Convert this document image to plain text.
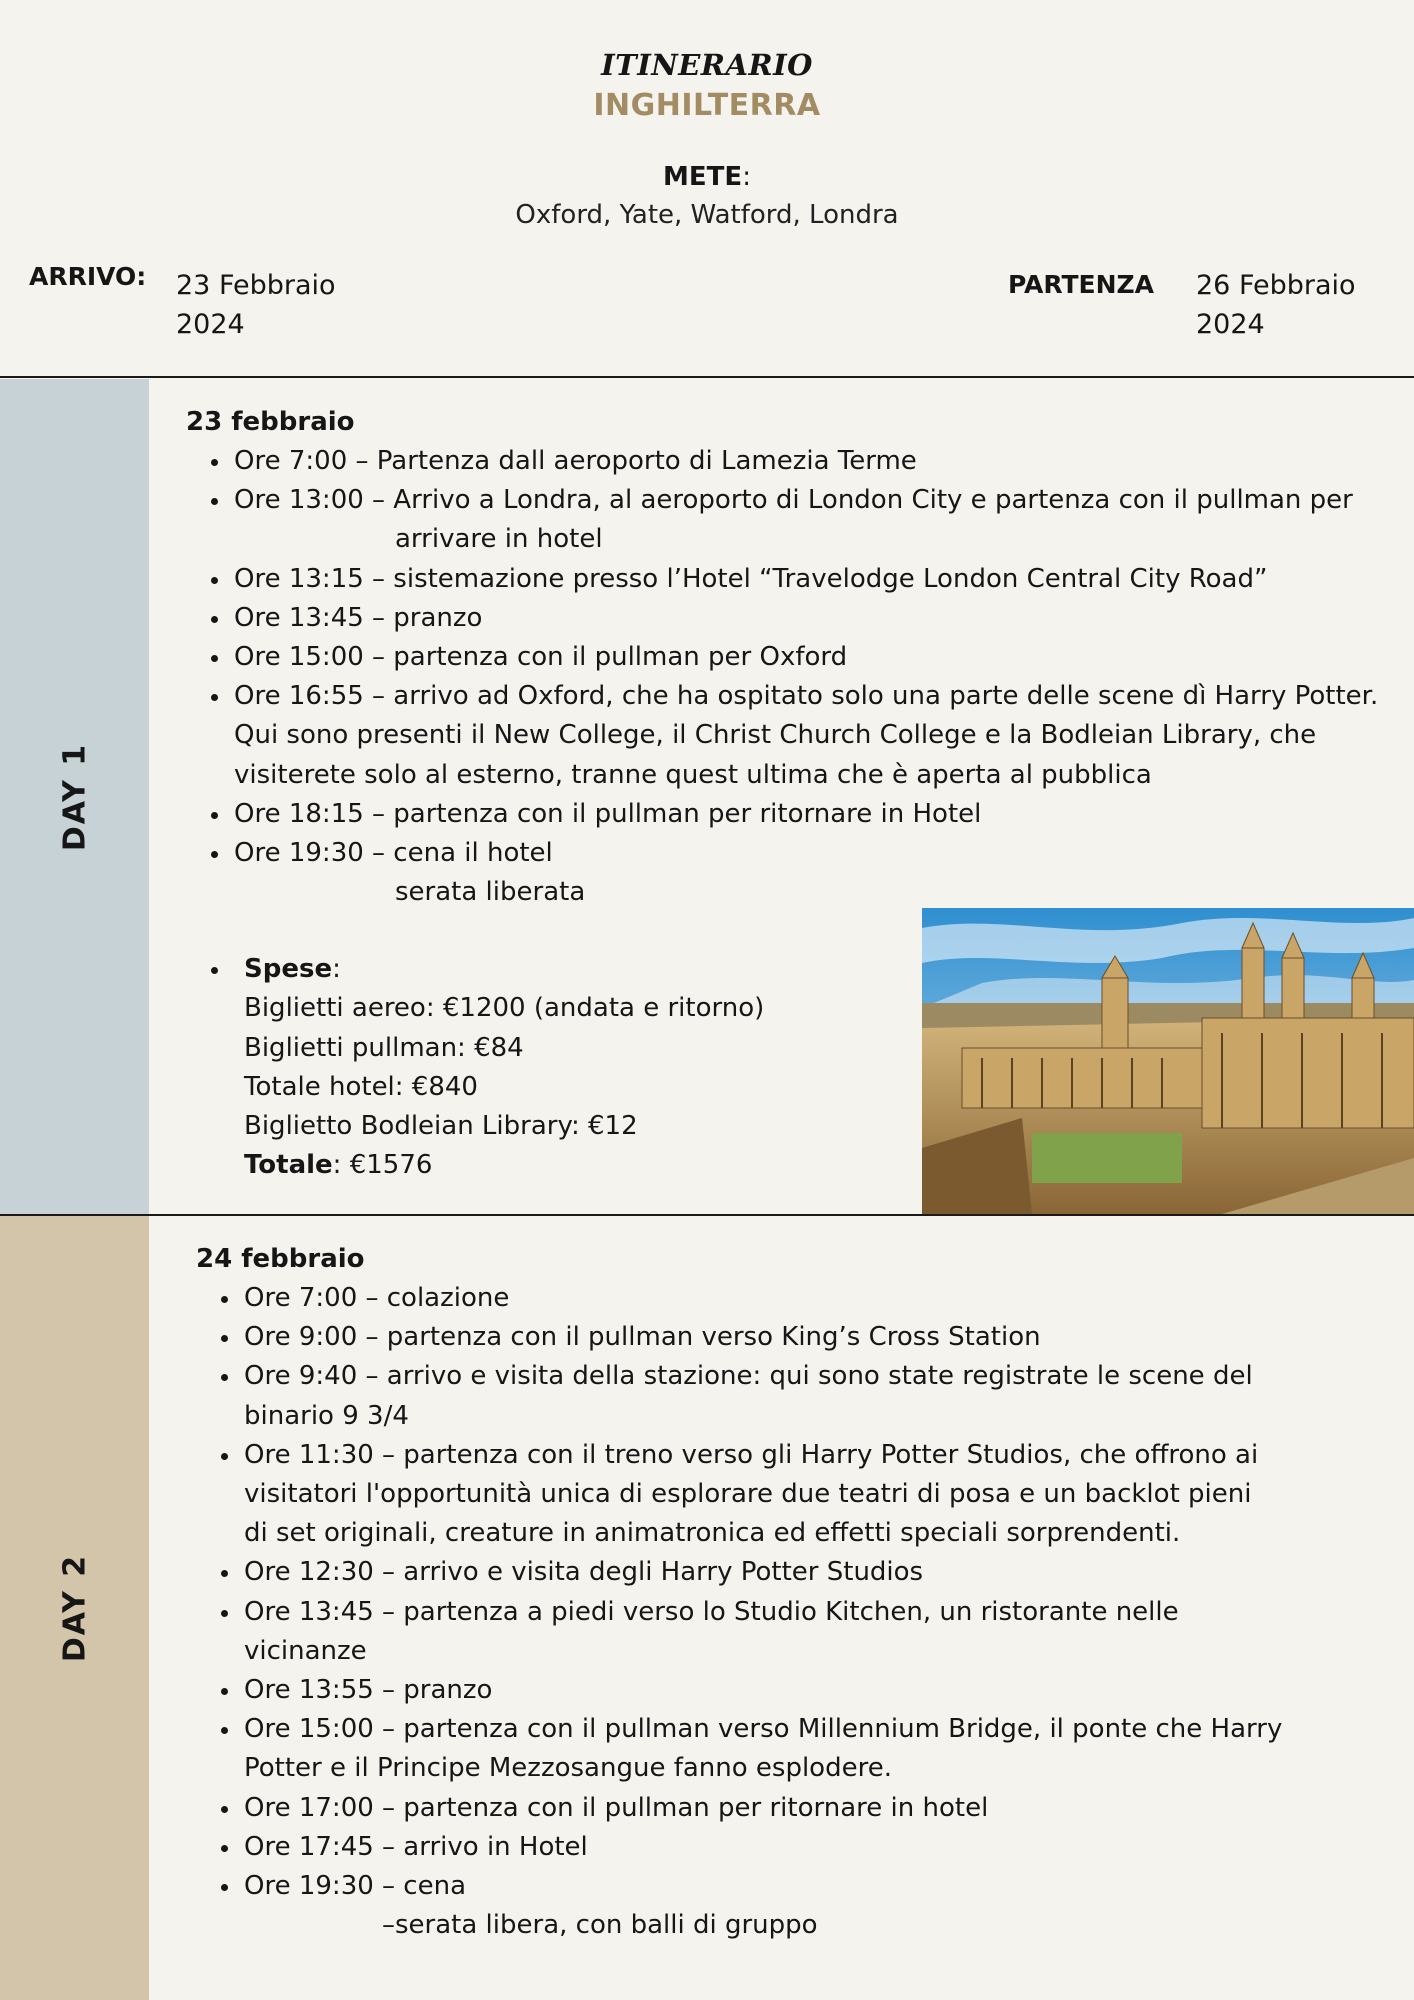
ITINERARIO
INGHILTERRA
METE:
Oxford, Yate, Watford, Londra
ARRIVO: 23 Febbraio
2024
PARTENZA 26 Febbraio
2024
DAY 1
23 febbraio
Ore 7:00 – Partenza dall aeroporto di Lamezia Terme
Ore 13:00 – Arrivo a Londra, al aeroporto di London City e partenza con il pullman per
arrivare in hotel
Ore 13:15 – sistemazione presso l’Hotel “Travelodge London Central City Road”
Ore 13:45 – pranzo
Ore 15:00 – partenza con il pullman per Oxford
Ore 16:55 – arrivo ad Oxford, che ha ospitato solo una parte delle scene dì Harry Potter.
Qui sono presenti il New College, il Christ Church College e la Bodleian Library, che
visiterete solo al esterno, tranne quest ultima che è aperta al pubblica
Ore 18:15 – partenza con il pullman per ritornare in Hotel
Ore 19:30 – cena il hotel
serata liberata
Spese:
Biglietti aereo: €1200 (andata e ritorno)
Biglietti pullman: €84
Totale hotel: €840
Biglietto Bodleian Library: €12
Totale: €1576
DAY 2
24 febbraio
Ore 7:00 – colazione
Ore 9:00 – partenza con il pullman verso King’s Cross Station
Ore 9:40 – arrivo e visita della stazione: qui sono state registrate le scene del
binario 9 3/4
Ore 11:30 – partenza con il treno verso gli Harry Potter Studios, che offrono ai
visitatori l'opportunità unica di esplorare due teatri di posa e un backlot pieni
di set originali, creature in animatronica ed effetti speciali sorprendenti.
Ore 12:30 – arrivo e visita degli Harry Potter Studios
Ore 13:45 – partenza a piedi verso lo Studio Kitchen, un ristorante nelle
vicinanze
Ore 13:55 – pranzo
Ore 15:00 – partenza con il pullman verso Millennium Bridge, il ponte che Harry
Potter e il Principe Mezzosangue fanno esplodere.
Ore 17:00 – partenza con il pullman per ritornare in hotel
Ore 17:45 – arrivo in Hotel
Ore 19:30 – cena
–serata libera, con balli di gruppo
